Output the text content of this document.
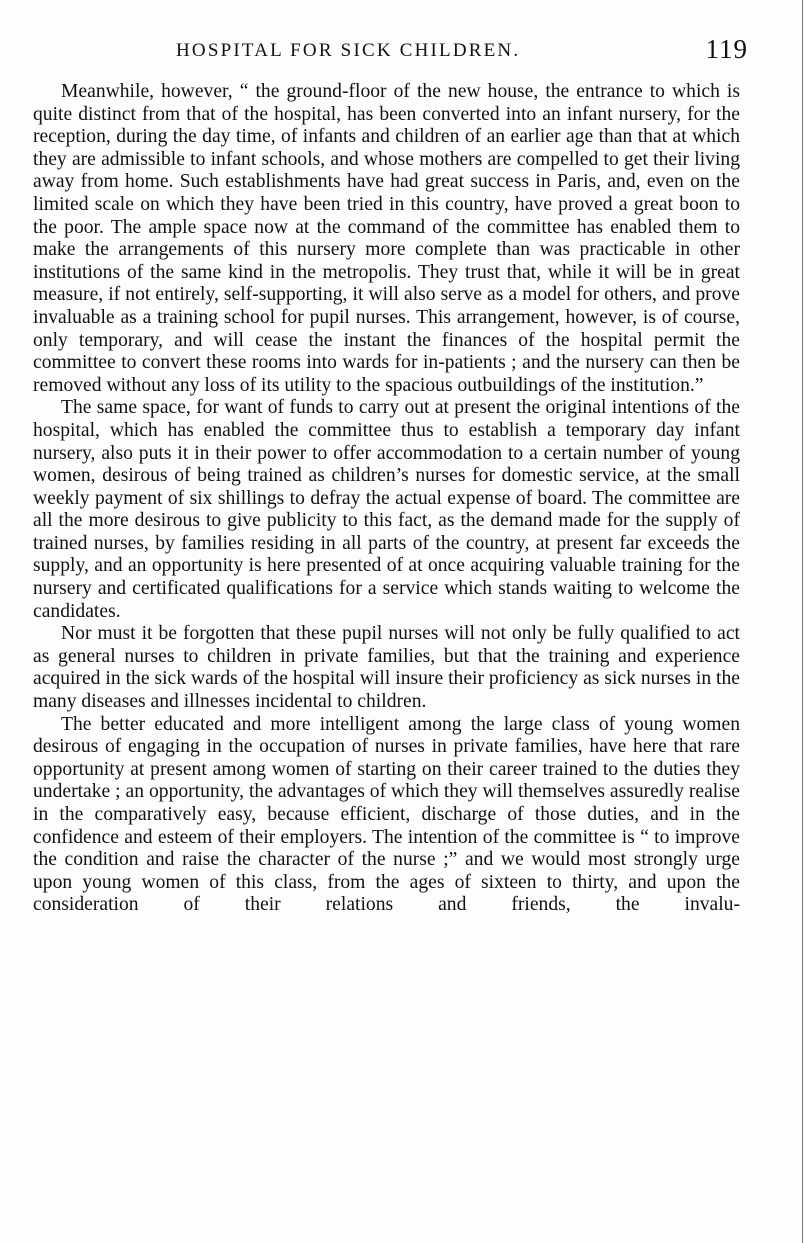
HOSPITAL FOR SICK CHILDREN.	119

Meanwhile, however, “ the ground-floor of the new house, the entrance to which is quite distinct from that of the hospital, has been converted into an infant nursery, for the reception, during the day time, of infants and children of an earlier age than that at which they are admissible to infant schools, and whose mothers are compelled to get their living away from home. Such establishments have had great success in Paris, and, even on the limited scale on which they have been tried in this country, have proved a great boon to the poor. The ample space now at the command of the committee has enabled them to make the arrangements of this nursery more complete than was practicable in other institutions of the same kind in the metropolis. They trust that, while it will be in great measure, if not entirely, self-supporting, it will also serve as a model for others, and prove invaluable as a training school for pupil nurses. This arrangement, however, is of course, only temporary, and will cease the instant the finances of the hospital permit the committee to convert these rooms into wards for in-patients ; and the nursery can then be removed without any loss of its utility to the spacious outbuildings of the institution.”

The same space, for want of funds to carry out at present the original intentions of the hospital, which has enabled the committee thus to establish a temporary day infant nursery, also puts it in their power to offer accommodation to a certain number of young women, desirous of being trained as children’s nurses for domestic service, at the small weekly payment of six shillings to defray the actual expense of board. The committee are all the more desirous to give publicity to this fact, as the demand made for the supply of trained nurses, by families residing in all parts of the country, at present far exceeds the supply, and an opportunity is here presented of at once acquiring valuable training for the nursery and certificated qualifications for a service which stands waiting to welcome the candidates.

Nor must it be forgotten that these pupil nurses will not only be fully qualified to act as general nurses to children in private families, but that the training and experience acquired in the sick wards of the hospital will insure their proficiency as sick nurses in the many diseases and illnesses incidental to children.

The better educated and more intelligent among the large class of young women desirous of engaging in the occupation of nurses in private families, have here that rare opportunity at present among women of starting on their career trained to the duties they undertake ; an opportunity, the advantages of which they will themselves assuredly realise in the comparatively easy, because efficient, discharge of those duties, and in the confidence and esteem of their employers. The intention of the committee is “ to improve the condition and raise the character of the nurse ;” and we would most strongly urge upon young women of this class, from the ages of sixteen to thirty, and upon the consideration of their relations and friends, the invalu-
